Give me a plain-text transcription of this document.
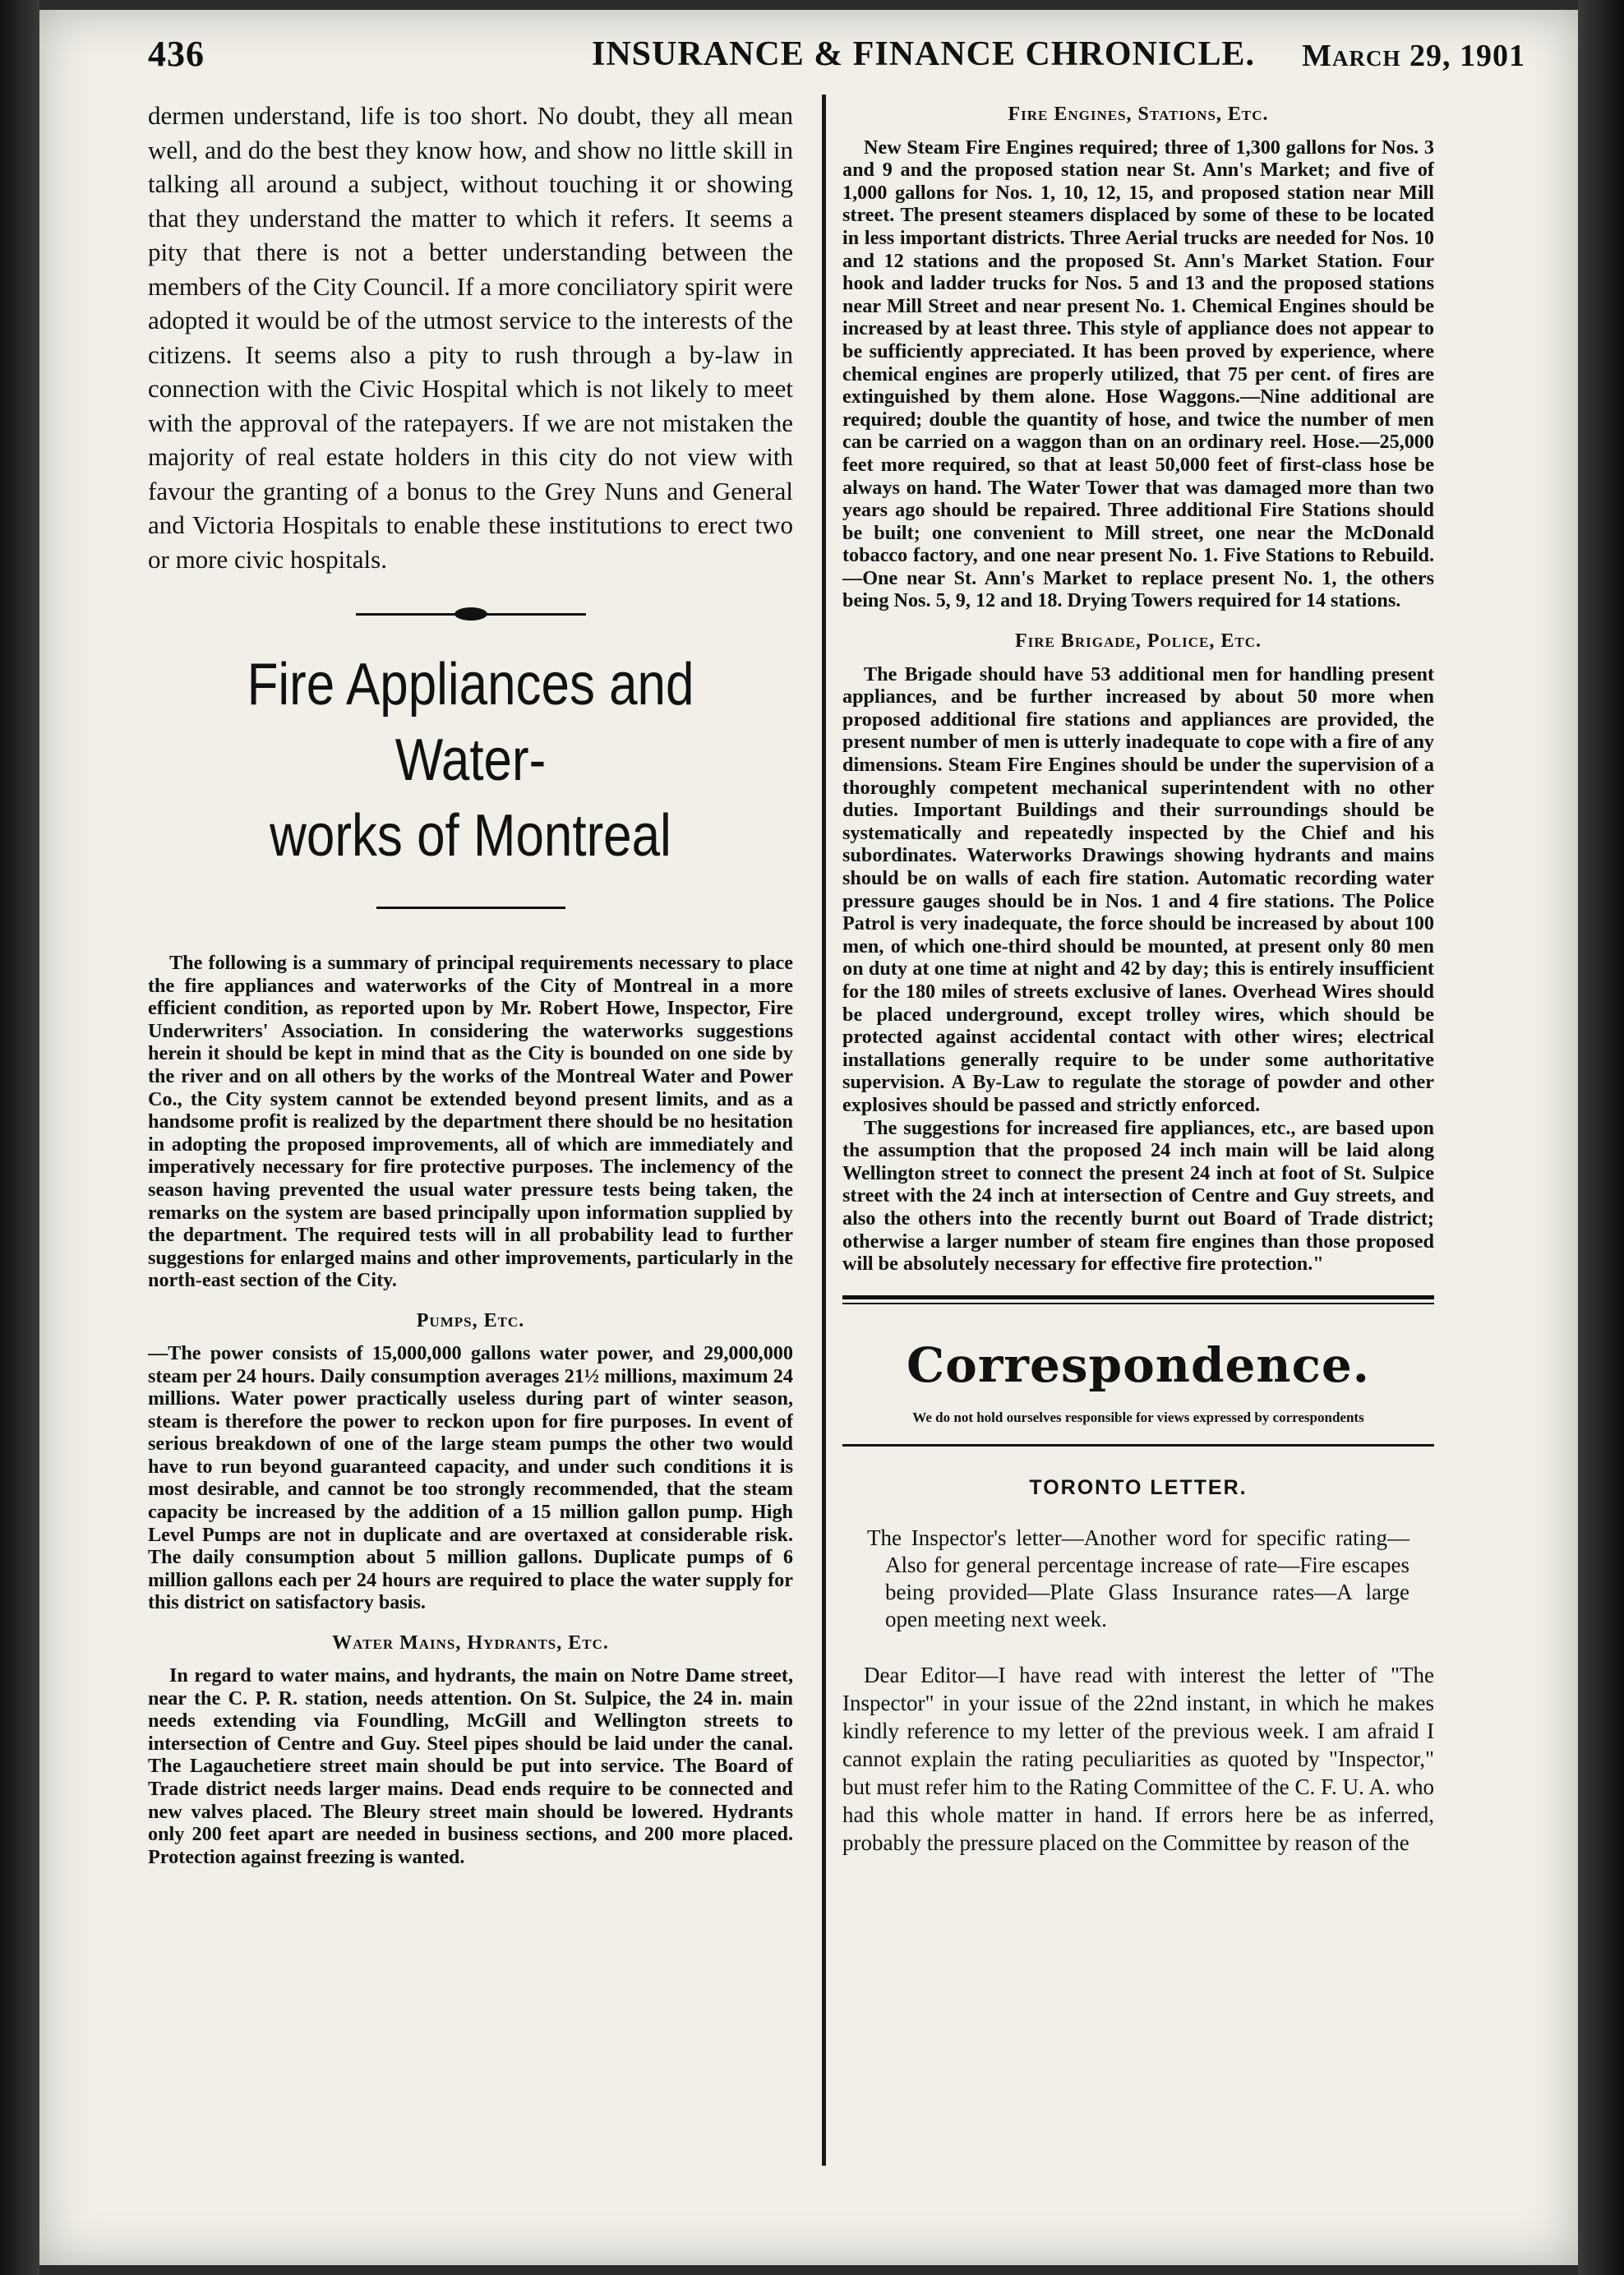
436	INSURANCE & FINANCE CHRONICLE. March 29, 1901

dermen understand, life is too short. No doubt, they all mean well, and do the best they know how, and show no little skill in talking all around a subject, without touching it or showing that they understand the matter to which it refers. It seems a pity that there is not a better understanding between the members of the City Council. If a more conciliatory spirit were adopted it would be of the utmost service to the interests of the citizens. It seems also a pity to rush through a by-law in connection with the Civic Hospital which is not likely to meet with the approval of the ratepayers. If we are not mistaken the majority of real estate holders in this city do not view with favour the granting of a bonus to the Grey Nuns and General and Victoria Hospitals to enable these institutions to erect two or more civic hospitals.

Fire Appliances and Water-
works of Montreal

The following is a summary of principal requirements necessary to place the fire appliances and waterworks of the City of Montreal in a more efficient condition, as reported upon by Mr. Robert Howe, Inspector, Fire Underwriters' Association. In considering the waterworks suggestions herein it should be kept in mind that as the City is bounded on one side by the river and on all others by the works of the Montreal Water and Power Co., the City system cannot be extended beyond present limits, and as a handsome profit is realized by the department there should be no hesitation in adopting the proposed improvements, all of which are immediately and imperatively necessary for fire protective purposes. The inclemency of the season having prevented the usual water pressure tests being taken, the remarks on the system are based principally upon information supplied by the department. The required tests will in all probability lead to further suggestions for enlarged mains and other improvements, particularly in the north-east section of the City.

Pumps, Etc.

—The power consists of 15,000,000 gallons water power, and 29,000,000 steam per 24 hours. Daily consumption averages 21½ millions, maximum 24 millions. Water power practically useless during part of winter season, steam is therefore the power to reckon upon for fire purposes. In event of serious breakdown of one of the large steam pumps the other two would have to run beyond guaranteed capacity, and under such conditions it is most desirable, and cannot be too strongly recommended, that the steam capacity be increased by the addition of a 15 million gallon pump. High Level Pumps are not in duplicate and are overtaxed at considerable risk. The daily consumption about 5 million gallons. Duplicate pumps of 6 million gallons each per 24 hours are required to place the water supply for this district on satisfactory basis.

Water Mains, Hydrants, Etc.

In regard to water mains, and hydrants, the main on Notre Dame street, near the C. P. R. station, needs attention. On St. Sulpice, the 24 in. main needs extending via Foundling, McGill and Wellington streets to intersection of Centre and Guy. Steel pipes should be laid under the canal. The Lagauchetiere street main should be put into service. The Board of Trade district needs larger mains. Dead ends require to be connected and new valves placed. The Bleury street main should be lowered. Hydrants only 200 feet apart are needed in business sections, and 200 more placed. Protection against freezing is wanted.

Fire Engines, Stations, Etc.

New Steam Fire Engines required; three of 1,300 gallons for Nos. 3 and 9 and the proposed station near St. Ann's Market; and five of 1,000 gallons for Nos. 1, 10, 12, 15, and proposed station near Mill street. The present steamers displaced by some of these to be located in less important districts. Three Aerial trucks are needed for Nos. 10 and 12 stations and the proposed St. Ann's Market Station. Four hook and ladder trucks for Nos. 5 and 13 and the proposed stations near Mill Street and near present No. 1. Chemical Engines should be increased by at least three. This style of appliance does not appear to be sufficiently appreciated. It has been proved by experience, where chemical engines are properly utilized, that 75 per cent. of fires are extinguished by them alone. Hose Waggons.—Nine additional are required; double the quantity of hose, and twice the number of men can be carried on a waggon than on an ordinary reel. Hose.—25,000 feet more required, so that at least 50,000 feet of first-class hose be always on hand. The Water Tower that was damaged more than two years ago should be repaired. Three additional Fire Stations should be built; one convenient to Mill street, one near the McDonald tobacco factory, and one near present No. 1. Five Stations to Rebuild.—One near St. Ann's Market to replace present No. 1, the others being Nos. 5, 9, 12 and 18. Drying Towers required for 14 stations.

Fire Brigade, Police, Etc.

The Brigade should have 53 additional men for handling present appliances, and be further increased by about 50 more when proposed additional fire stations and appliances are provided, the present number of men is utterly inadequate to cope with a fire of any dimensions. Steam Fire Engines should be under the supervision of a thoroughly competent mechanical superintendent with no other duties. Important Buildings and their surroundings should be systematically and repeatedly inspected by the Chief and his subordinates. Waterworks Drawings showing hydrants and mains should be on walls of each fire station. Automatic recording water pressure gauges should be in Nos. 1 and 4 fire stations. The Police Patrol is very inadequate, the force should be increased by about 100 men, of which one-third should be mounted, at present only 80 men on duty at one time at night and 42 by day; this is entirely insufficient for the 180 miles of streets exclusive of lanes. Overhead Wires should be placed underground, except trolley wires, which should be protected against accidental contact with other wires; electrical installations generally require to be under some authoritative supervision. A By-Law to regulate the storage of powder and other explosives should be passed and strictly enforced.

The suggestions for increased fire appliances, etc., are based upon the assumption that the proposed 24 inch main will be laid along Wellington street to connect the present 24 inch at foot of St. Sulpice street with the 24 inch at intersection of Centre and Guy streets, and also the others into the recently burnt out Board of Trade district; otherwise a larger number of steam fire engines than those proposed will be absolutely necessary for effective fire protection."

Correspondence.
We do not hold ourselves responsible for views expressed by correspondents
TORONTO LETTER.

The Inspector's letter—Another word for specific rating—Also for general percentage increase of rate—Fire escapes being provided—Plate Glass Insurance rates—A large open meeting next week.

Dear Editor—I have read with interest the letter of "The Inspector" in your issue of the 22nd instant, in which he makes kindly reference to my letter of the previous week. I am afraid I cannot explain the rating peculiarities as quoted by "Inspector," but must refer him to the Rating Committee of the C. F. U. A. who had this whole matter in hand. If errors here be as inferred, probably the pressure placed on the Committee by reason of the
